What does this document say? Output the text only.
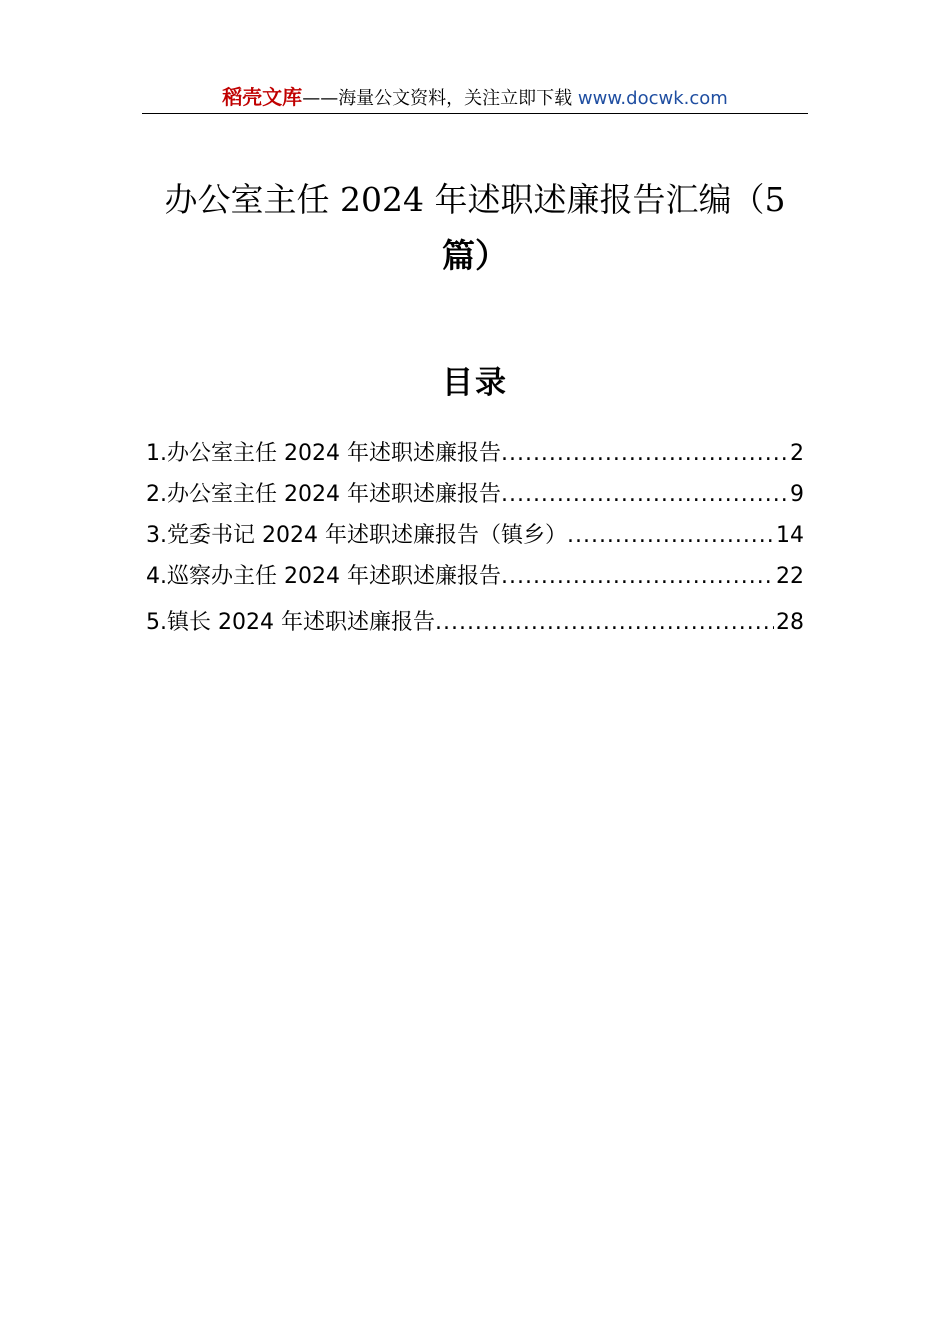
稻壳文库——海量公文资料，关注立即下载 www.docwk.com
办公室主任 2024 年述职述廉报告汇编（5
篇）
目录
1.办公室主任 2024 年述职述廉报告 .....	2
2.办公室主任 2024 年述职述廉报告 .....	9
3.党委书记 2024 年述职述廉报告（镇乡） .....	14
4.巡察办主任 2024 年述职述廉报告 .....	22
5.镇长 2024 年述职述廉报告 .....	28
